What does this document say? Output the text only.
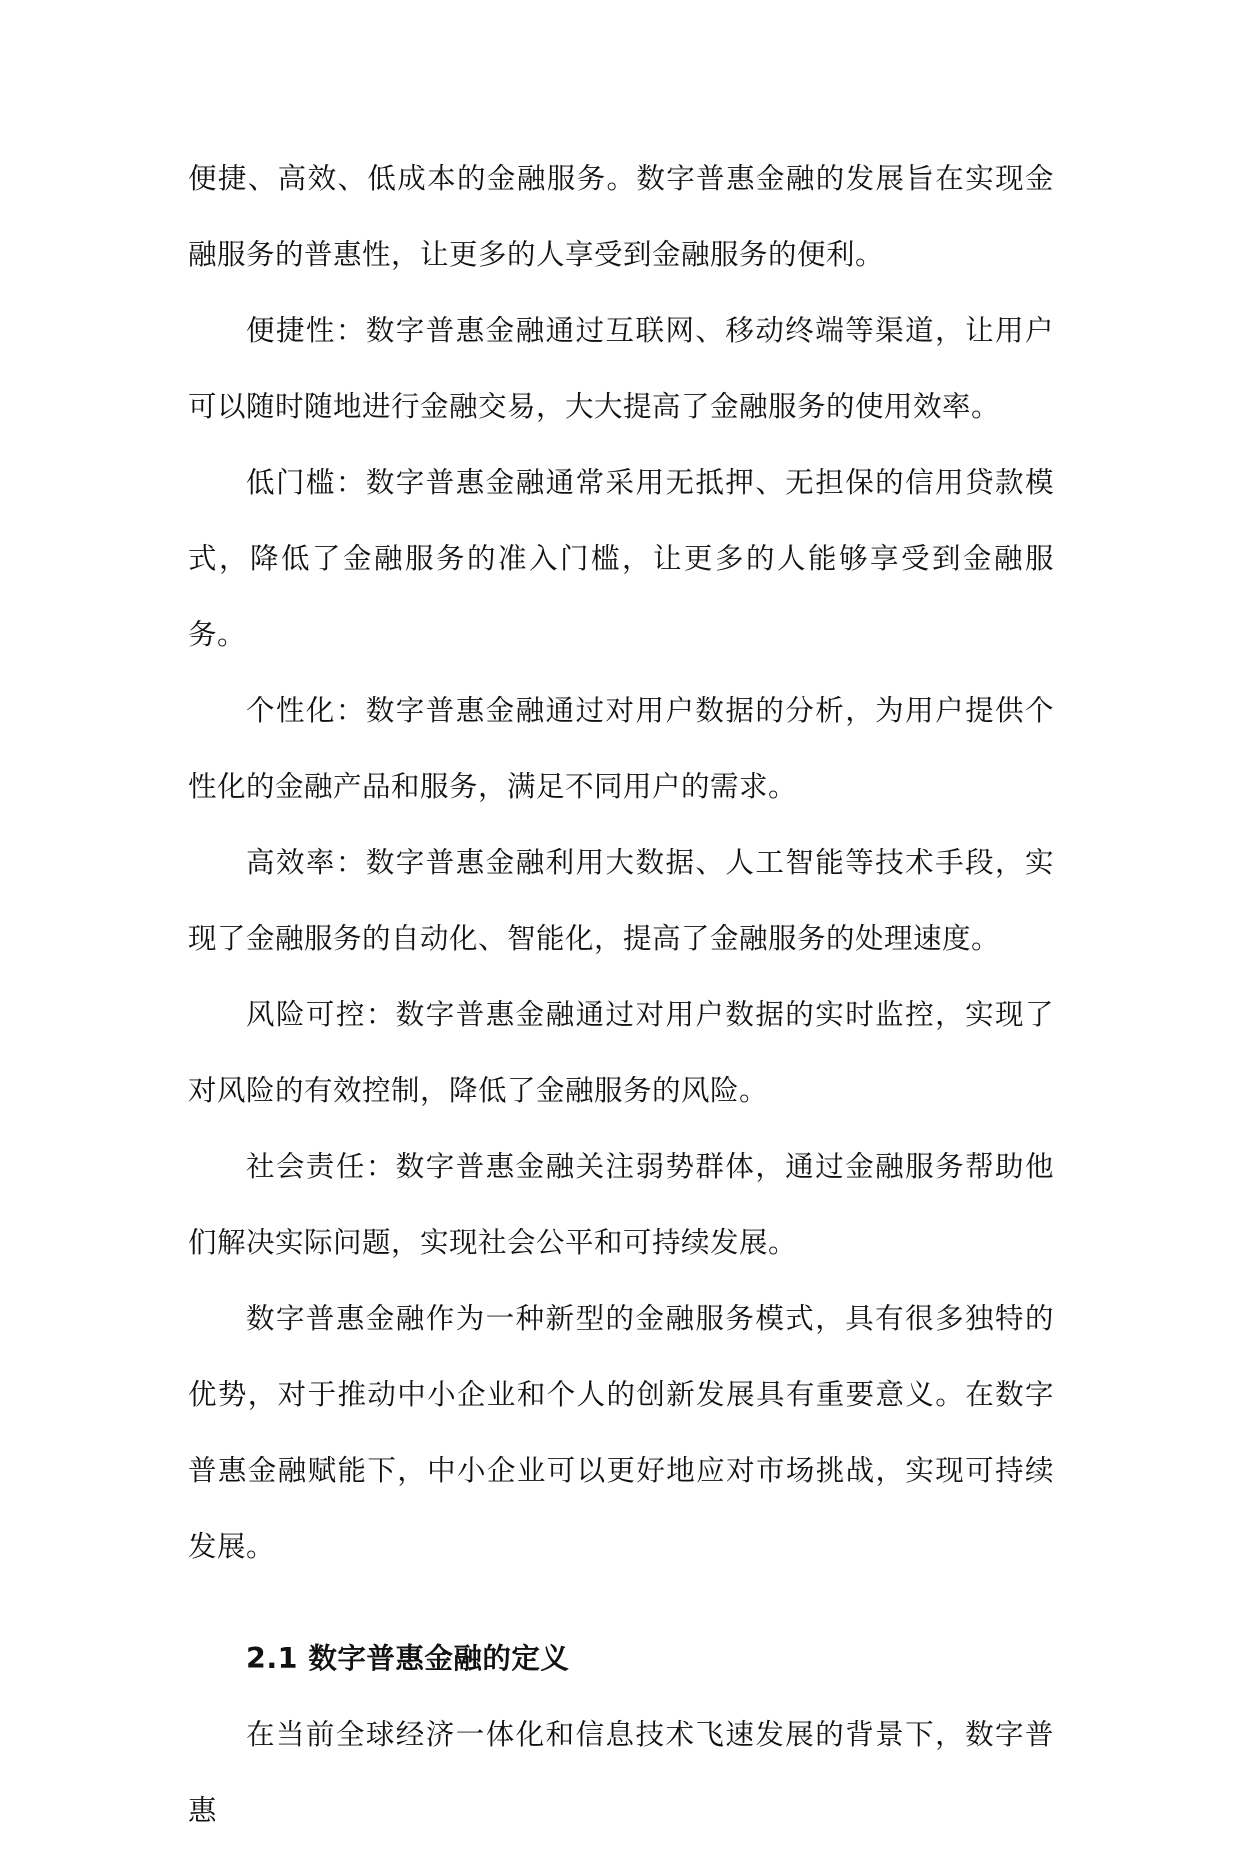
便捷、高效、低成本的金融服务。数字普惠金融的发展旨在实现金融服务的普惠性，让更多的人享受到金融服务的便利。

便捷性：数字普惠金融通过互联网、移动终端等渠道，让用户可以随时随地进行金融交易，大大提高了金融服务的使用效率。

低门槛：数字普惠金融通常采用无抵押、无担保的信用贷款模式，降低了金融服务的准入门槛，让更多的人能够享受到金融服务。

个性化：数字普惠金融通过对用户数据的分析，为用户提供个性化的金融产品和服务，满足不同用户的需求。

高效率：数字普惠金融利用大数据、人工智能等技术手段，实现了金融服务的自动化、智能化，提高了金融服务的处理速度。

风险可控：数字普惠金融通过对用户数据的实时监控，实现了对风险的有效控制，降低了金融服务的风险。

社会责任：数字普惠金融关注弱势群体，通过金融服务帮助他们解决实际问题，实现社会公平和可持续发展。

数字普惠金融作为一种新型的金融服务模式，具有很多独特的优势，对于推动中小企业和个人的创新发展具有重要意义。在数字普惠金融赋能下，中小企业可以更好地应对市场挑战，实现可持续发展。

2.1 数字普惠金融的定义

在当前全球经济一体化和信息技术飞速发展的背景下，数字普惠
